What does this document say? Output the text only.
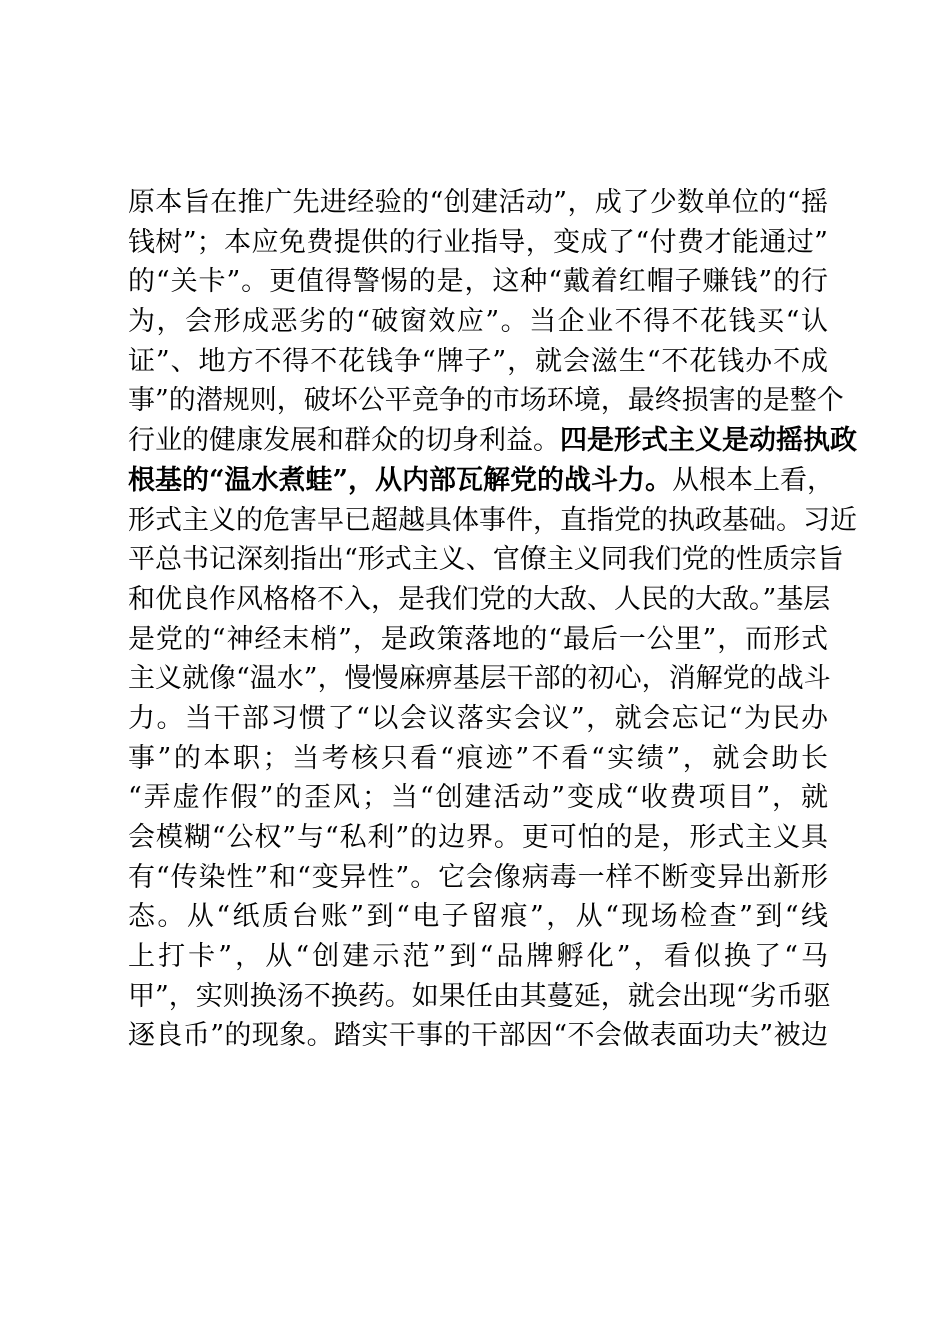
原本旨在推广先进经验的“创建活动”，成了少数单位的“摇
钱树”；本应免费提供的行业指导，变成了“付费才能通过”
的“关卡”。更值得警惕的是，这种“戴着红帽子赚钱”的行
为，会形成恶劣的“破窗效应”。当企业不得不花钱买“认
证”、地方不得不花钱争“牌子”，就会滋生“不花钱办不成
事”的潜规则，破坏公平竞争的市场环境，最终损害的是整个
行业的健康发展和群众的切身利益。四是形式主义是动摇执政
根基的“温水煮蛙”，从内部瓦解党的战斗力。从根本上看，
形式主义的危害早已超越具体事件，直指党的执政基础。习近
平总书记深刻指出“形式主义、官僚主义同我们党的性质宗旨
和优良作风格格不入，是我们党的大敌、人民的大敌。”基层
是党的“神经末梢”，是政策落地的“最后一公里”，而形式
主义就像“温水”，慢慢麻痹基层干部的初心，消解党的战斗
力。当干部习惯了“以会议落实会议”，就会忘记“为民办
事”的本职；当考核只看“痕迹”不看“实绩”，就会助长
“弄虚作假”的歪风；当“创建活动”变成“收费项目”，就
会模糊“公权”与“私利”的边界。更可怕的是，形式主义具
有“传染性”和“变异性”。它会像病毒一样不断变异出新形
态。从“纸质台账”到“电子留痕”，从“现场检查”到“线
上打卡”，从“创建示范”到“品牌孵化”，看似换了“马
甲”，实则换汤不换药。如果任由其蔓延，就会出现“劣币驱
逐良币”的现象。踏实干事的干部因“不会做表面功夫”被边
